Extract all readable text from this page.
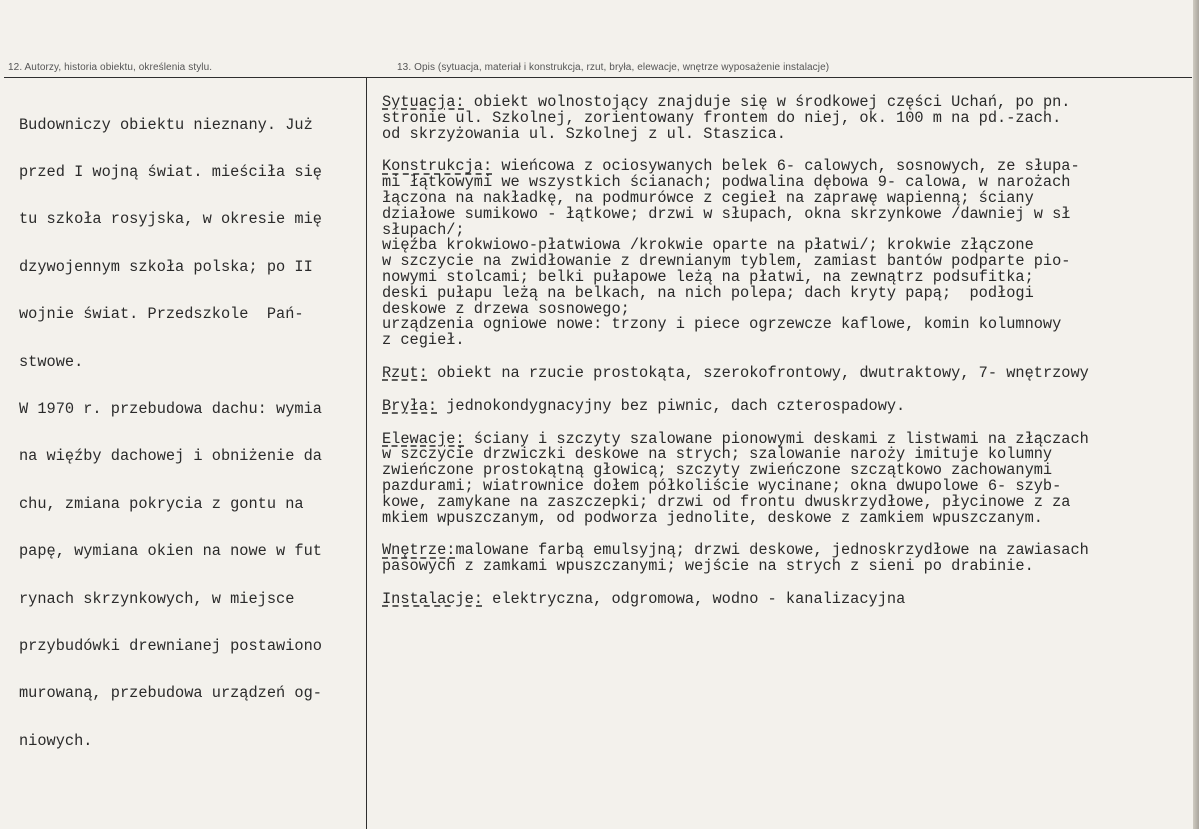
12. Autorzy, historia obiektu, określenia stylu.	13. Opis (sytuacja, materiał i konstrukcja, rzut, bryła, elewacje, wnętrze wyposażenie instalacje)

Budowniczy obiektu nieznany. Już

przed I wojną świat. mieściła się

tu szkoła rosyjska, w okresie mię

dzywojennym szkoła polska; po II

wojnie świat. Przedszkole  Pań-

stwowe.

W 1970 r. przebudowa dachu: wymia

na więźby dachowej i obniżenie da

chu, zmiana pokrycia z gontu na

papę, wymiana okien na nowe w fut

rynach skrzynkowych, w miejsce

przybudówki drewnianej postawiono

murowaną, przebudowa urządzeń og-

niowych.

Sytuacja: obiekt wolnostojący znajduje się w środkowej części Uchań, po pn.
stronie ul. Szkolnej, zorientowany frontem do niej, ok. 100 m na pd.-zach.
od skrzyżowania ul. Szkolnej z ul. Staszica.
Konstrukcja: wieńcowa z ociosywanych belek 6- calowych, sosnowych, ze słupa-
mi łątkowymi we wszystkich ścianach; podwalina dębowa 9- calowa, w narożach
łączona na nakładkę, na podmurówce z cegieł na zaprawę wapienną; ściany
działowe sumikowo - łątkowe; drzwi w słupach, okna skrzynkowe /dawniej w sł
słupach/;
więźba krokwiowo-płatwiowa /krokwie oparte na płatwi/; krokwie złączone
w szczycie na zwidłowanie z drewnianym tyblem, zamiast bantów podparte pio-
nowymi stolcami; belki pułapowe leżą na płatwi, na zewnątrz podsufitka;
deski pułapu leżą na belkach, na nich polepa; dach kryty papą;  podłogi
deskowe z drzewa sosnowego;
urządzenia ogniowe nowe: trzony i piece ogrzewcze kaflowe, komin kolumnowy
z cegieł.
Rzut: obiekt na rzucie prostokąta, szerokofrontowy, dwutraktowy, 7- wnętrzowy
Bryła: jednokondygnacyjny bez piwnic, dach czterospadowy.
Elewacje: ściany i szczyty szalowane pionowymi deskami z listwami na złączach
w szczycie drzwiczki deskowe na strych; szalowanie naroży imituje kolumny
zwieńczone prostokątną głowicą; szczyty zwieńczone szczątkowo zachowanymi
pazdurami; wiatrownice dołem półkoliście wycinane; okna dwupolowe 6- szyb-
kowe, zamykane na zaszczepki; drzwi od frontu dwuskrzydłowe, płycinowe z za
mkiem wpuszczanym, od podworza jednolite, deskowe z zamkiem wpuszczanym.
Wnętrze:malowane farbą emulsyjną; drzwi deskowe, jednoskrzydłowe na zawiasach
pasowych z zamkami wpuszczanymi; wejście na strych z sieni po drabinie.
Instalacje: elektryczna, odgromowa, wodno - kanalizacyjna
